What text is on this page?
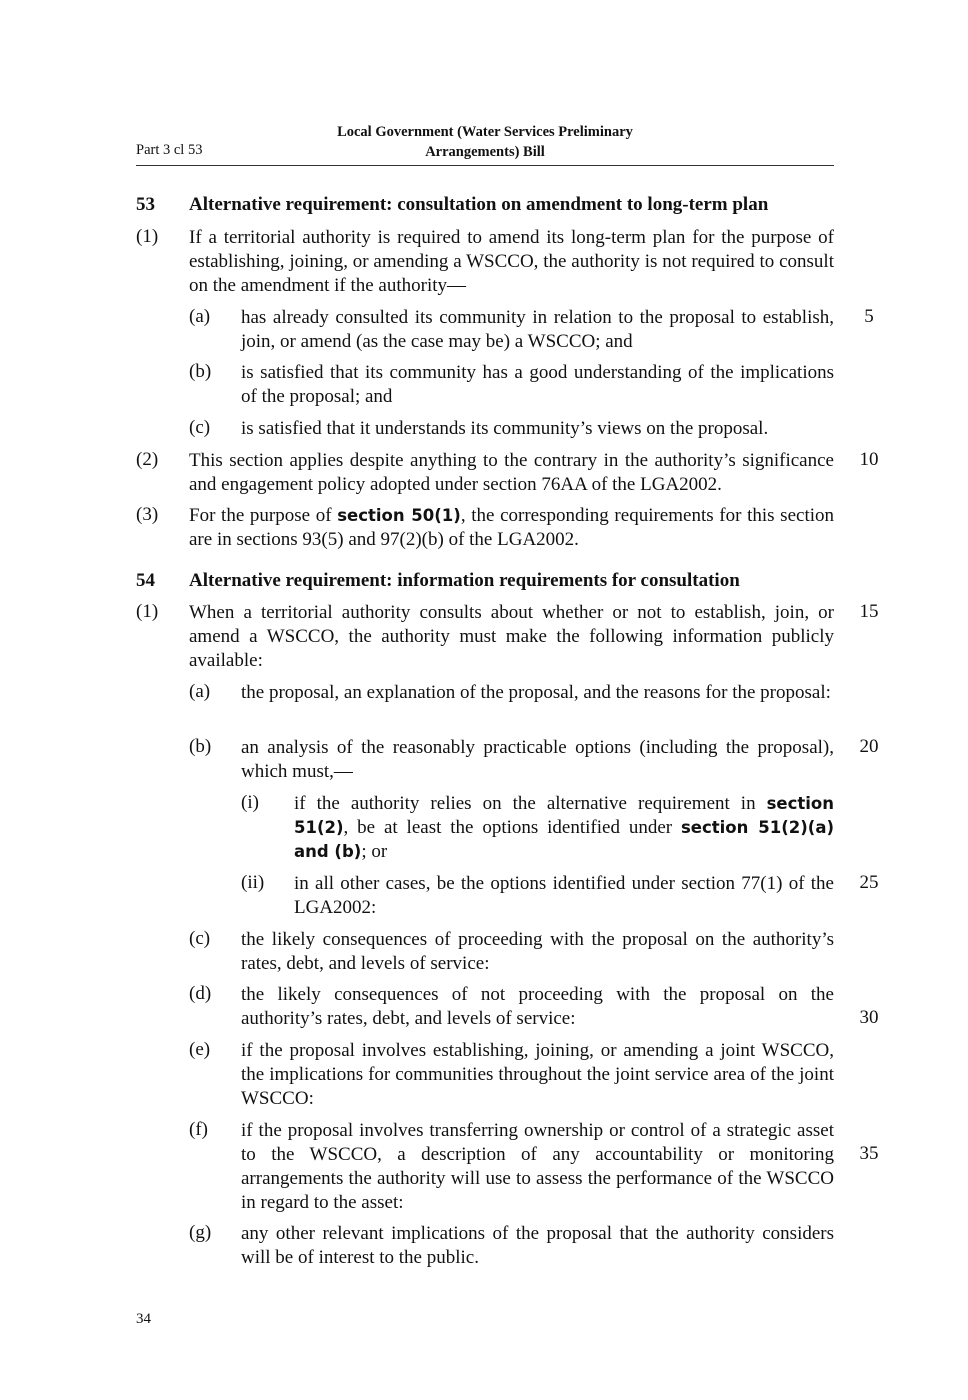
Part 3 cl 53
Local Government (Water Services Preliminary
Arrangements) Bill
53 Alternative requirement: consultation on amendment to long-term plan
(1) If a territorial authority is required to amend its long-term plan for the purpose of establishing, joining, or amending a WSCCO, the authority is not required to consult on the amendment if the authority—
(a) has already consulted its community in relation to the proposal to establish, join, or amend (as the case may be) a WSCCO; and
(b) is satisfied that its community has a good understanding of the implications of the proposal; and
(c) is satisfied that it understands its community’s views on the proposal.
(2) This section applies despite anything to the contrary in the authority’s significance and engagement policy adopted under section 76AA of the LGA2002.
(3) For the purpose of section 50(1), the corresponding requirements for this section are in sections 93(5) and 97(2)(b) of the LGA2002.
54 Alternative requirement: information requirements for consultation
(1) When a territorial authority consults about whether or not to establish, join, or amend a WSCCO, the authority must make the following information publicly available:
(a) the proposal, an explanation of the proposal, and the reasons for the proposal:
(b) an analysis of the reasonably practicable options (including the proposal), which must,—
(i) if the authority relies on the alternative requirement in section 51(2), be at least the options identified under section 51(2)(a) and (b); or
(ii) in all other cases, be the options identified under section 77(1) of the LGA2002:
(c) the likely consequences of proceeding with the proposal on the authority’s rates, debt, and levels of service:
(d) the likely consequences of not proceeding with the proposal on the authority’s rates, debt, and levels of service:
(e) if the proposal involves establishing, joining, or amending a joint WSCCO, the implications for communities throughout the joint service area of the joint WSCCO:
(f) if the proposal involves transferring ownership or control of a strategic asset to the WSCCO, a description of any accountability or monitoring arrangements the authority will use to assess the performance of the WSCCO in regard to the asset:
(g) any other relevant implications of the proposal that the authority considers will be of interest to the public.
5
10
15
20
25
30
35
34
